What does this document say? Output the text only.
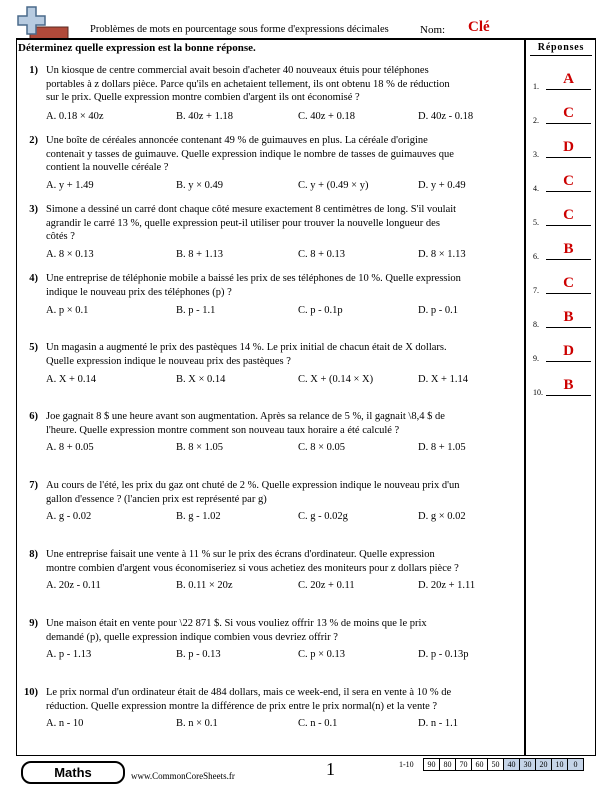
Problèmes de mots en pourcentage sous forme d'expressions décimales	Nom: Clé
Déterminez quelle expression est la bonne réponse.	Réponses
1.	A
2.	C
3.	D
4.	C
5.	C
6.	B
7.	C
8.	B
9.	D
10.	B
1) Un kiosque de centre commercial avait besoin d'acheter 40 nouveaux étuis pour téléphones
portables à z dollars pièce. Parce qu'ils en achetaient tellement, ils ont obtenu 18 % de réduction
sur le prix. Quelle expression montre combien d'argent ils ont économisé ?
A. 0.18 × 40z	B. 40z + 1.18	C. 40z + 0.18	D. 40z - 0.18
2) Une boîte de céréales annoncée contenant 49 % de guimauves en plus. La céréale d'origine
contenait y tasses de guimauve. Quelle expression indique le nombre de tasses de guimauves que
contient la nouvelle céréale ?
A. y + 1.49	B. y × 0.49	C. y + (0.49 × y)	D. y + 0.49
3) Simone a dessiné un carré dont chaque côté mesure exactement 8 centimètres de long. S'il voulait
agrandir le carré 13 %, quelle expression peut-il utiliser pour trouver la nouvelle longueur des
côtés ?
A. 8 × 0.13	B. 8 + 1.13	C. 8 + 0.13	D. 8 × 1.13
4) Une entreprise de téléphonie mobile a baissé les prix de ses téléphones de 10 %. Quelle expression
indique le nouveau prix des téléphones (p) ?
A. p × 0.1	B. p - 1.1	C. p - 0.1p	D. p - 0.1
5) Un magasin a augmenté le prix des pastèques 14 %. Le prix initial de chacun était de X dollars.
Quelle expression indique le nouveau prix des pastèques ?
A. X + 0.14	B. X × 0.14	C. X + (0.14 × X)	D. X + 1.14
6) Joe gagnait 8 $ une heure avant son augmentation. Après sa relance de 5 %, il gagnait \8,4 $ de
l'heure. Quelle expression montre comment son nouveau taux horaire a été calculé ?
A. 8 + 0.05	B. 8 × 1.05	C. 8 × 0.05	D. 8 + 1.05
7) Au cours de l'été, les prix du gaz ont chuté de 2 %. Quelle expression indique le nouveau prix d'un
gallon d'essence ? (l'ancien prix est représenté par g)
A. g - 0.02	B. g - 1.02	C. g - 0.02g	D. g × 0.02
8) Une entreprise faisait une vente à 11 % sur le prix des écrans d'ordinateur. Quelle expression
montre combien d'argent vous économiseriez si vous achetiez des moniteurs pour z dollars pièce ?
A. 20z - 0.11	B. 0.11 × 20z	C. 20z + 0.11	D. 20z + 1.11
9) Une maison était en vente pour \22 871 $. Si vous vouliez offrir 13 % de moins que le prix
demandé (p), quelle expression indique combien vous devriez offrir ?
A. p - 1.13	B. p - 0.13	C. p × 0.13	D. p - 0.13p
10) Le prix normal d'un ordinateur était de 484 dollars, mais ce week-end, il sera en vente à 10 % de
réduction. Quelle expression montre la différence de prix entre le prix normal(n) et la vente ?
A. n - 10	B. n × 0.1	C. n - 0.1	D. n - 1.1
Maths	www.CommonCoreSheets.fr	1	1-10	90	80	70	60	50	40	30	20	10	0
